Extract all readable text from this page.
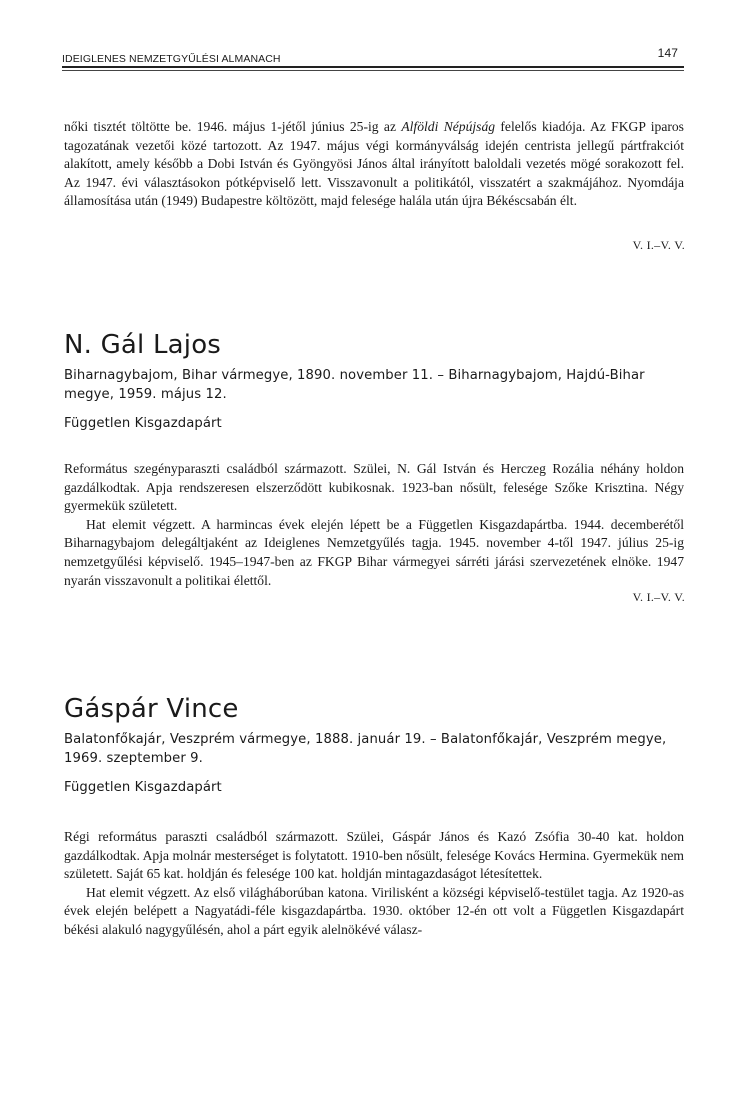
IDEIGLENES NEMZETGYŰLÉSI ALMANACH	147

nőki tisztét töltötte be. 1946. május 1-jétől június 25-ig az Alföldi Népújság felelős kiadója. Az FKGP iparos tagozatának vezetői közé tartozott. Az 1947. május végi kormányválság idején centrista jellegű pártfrakciót alakított, amely később a Dobi István és Gyöngyösi János által irányított baloldali vezetés mögé sorakozott fel. Az 1947. évi választásokon pótképviselő lett. Visszavonult a politikától, visszatért a szakmájához. Nyomdája államosítása után (1949) Budapestre költözött, majd felesége halála után újra Békéscsabán élt.

V. I.–V. V.
N. Gál Lajos

Biharnagybajom, Bihar vármegye, 1890. november 11. – Biharnagybajom, Hajdú-Bihar megye, 1959. május 12.

Független Kisgazdapárt

Református szegényparaszti családból származott. Szülei, N. Gál István és Herczeg Rozália néhány holdon gazdálkodtak. Apja rendszeresen elszerződött kubikosnak. 1923-ban nősült, felesége Szőke Krisztina. Négy gyermekük született.

Hat elemit végzett. A harmincas évek elején lépett be a Független Kisgazdapártba. 1944. decemberétől Biharnagybajom delegáltjaként az Ideiglenes Nemzetgyűlés tagja. 1945. november 4-től 1947. július 25-ig nemzetgyűlési képviselő. 1945–1947-ben az FKGP Bihar vármegyei sárréti járási szervezetének elnöke. 1947 nyarán visszavonult a politikai élettől.

V. I.–V. V.
Gáspár Vince

Balatonfőkajár, Veszprém vármegye, 1888. január 19. – Balatonfőkajár, Veszprém megye, 1969. szeptember 9.

Független Kisgazdapárt

Régi református paraszti családból származott. Szülei, Gáspár János és Kazó Zsófia 30-40 kat. holdon gazdálkodtak. Apja molnár mesterséget is folytatott. 1910-ben nősült, felesége Kovács Hermina. Gyermekük nem született. Saját 65 kat. holdján és felesége 100 kat. holdján mintagazdaságot létesítettek.

Hat elemit végzett. Az első világháborúban katona. Virilisként a községi képviselő-testület tagja. Az 1920-as évek elején belépett a Nagyatádi-féle kisgazdapártba. 1930. október 12-én ott volt a Független Kisgazdapárt békési alakuló nagygyűlésén, ahol a párt egyik alelnökévé válasz-
